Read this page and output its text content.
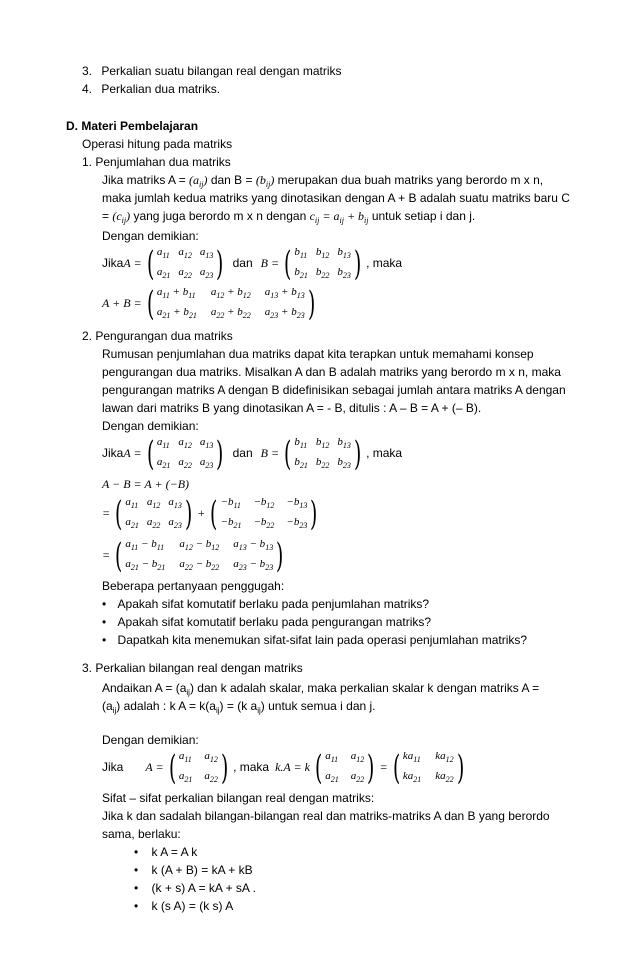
3. Perkalian suatu bilangan real dengan matriks
4. Perkalian dua matriks.
D. Materi Pembelajaran
Operasi hitung pada matriks
1. Penjumlahan dua matriks
Jika matriks $A = (a_{ij})$ dan $B = (b_{ij})$ merupakan dua buah matriks yang berordo m x n,
maka jumlah kedua matriks yang dinotasikan dengan A + B adalah suatu matriks baru C
= $(c_{ij})$ yang juga berordo m x n dengan $c_{ij} = a_{ij} + b_{ij}$ untuk setiap i dan j.
Dengan demikian:
Jika A = ( $a_{11}$ $a_{12}$ $a_{13}$
$a_{21}$ $a_{22}$ $a_{23}$ ) dan B = ( $b_{11}$ $b_{12}$ $b_{13}$
$b_{21}$ $b_{22}$ $b_{23}$ ) , maka
A + B = ( $a_{11} + b_{11}$ $a_{12} + b_{12}$ $a_{13} + b_{13}$
$a_{21} + b_{21}$ $a_{22} + b_{22}$ $a_{23} + b_{23}$ )
2. Pengurangan dua matriks
Rumusan penjumlahan dua matriks dapat kita terapkan untuk memahami konsep
pengurangan dua matriks. Misalkan A dan B adalah matriks yang berordo m x n, maka
pengurangan matriks A dengan B didefinisikan sebagai jumlah antara matriks A dengan
lawan dari matriks B yang dinotasikan A = - B, ditulis : A – B = A + (– B).
Dengan demikian:
Jika A = ( $a_{11}$ $a_{12}$ $a_{13}$
$a_{21}$ $a_{22}$ $a_{23}$ ) dan B = ( $b_{11}$ $b_{12}$ $b_{13}$
$b_{21}$ $b_{22}$ $b_{23}$ ) , maka
A − B = A + (−B)
= ( $a_{11}$ $a_{12}$ $a_{13}$
$a_{21}$ $a_{22}$ $a_{23}$ ) + ( $-b_{11} -b_{12} -b_{13}$
$-b_{21} -b_{22} -b_{23}$ )
= ( $a_{11} - b_{11}$ $a_{12} - b_{12}$ $a_{13} - b_{13}$
$a_{21} - b_{21}$ $a_{22} - b_{22}$ $a_{23} - b_{23}$ )
Beberapa pertanyaan penggugah:
• Apakah sifat komutatif berlaku pada penjumlahan matriks?
• Apakah sifat komutatif berlaku pada pengurangan matriks?
• Dapatkah kita menemukan sifat-sifat lain pada operasi penjumlahan matriks?
3. Perkalian bilangan real dengan matriks
Andaikan $A = (a_{ij})$ dan k adalah skalar, maka perkalian skalar k dengan matriks A =
$(a_{ij})$ adalah : k $A = k(a_{ij}) = (k$ $a_{ij}$) untuk semua i dan j.
Dengan demikian:
Jika A = ( $a_{11}$ $a_{12}$
$a_{21}$ $a_{22}$ ) , maka k.A = k ( $a_{11}$ $a_{12}$
$a_{21}$ $a_{22}$ ) = ( $ka_{11}$ $ka_{12}$
$ka_{21}$ $ka_{22}$ )
Sifat – sifat perkalian bilangan real dengan matriks:
Jika k dan sadalah bilangan-bilangan real dan matriks-matriks A dan B yang berordo
sama, berlaku:
• k A = A k
• k (A + B) = kA + kB
• (k + s) A = kA + sA .
• k (s A) = (k s) A
